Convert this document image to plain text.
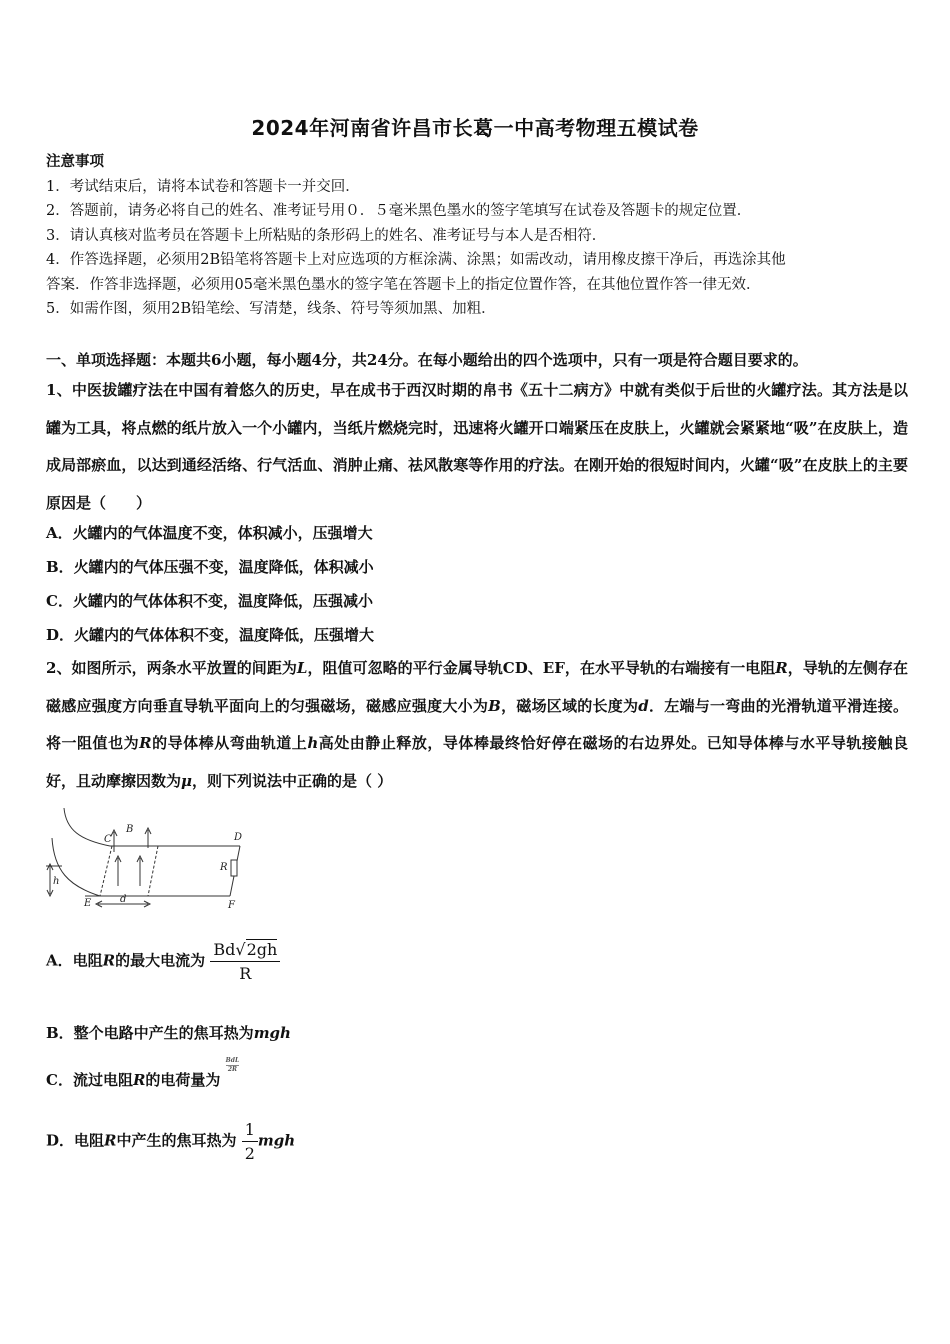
2024年河南省许昌市长葛一中高考物理五模试卷
注意事项
1．考试结束后，请将本试卷和答题卡一并交回．
2．答题前，请务必将自己的姓名、准考证号用０．５毫米黑色墨水的签字笔填写在试卷及答题卡的规定位置．
3．请认真核对监考员在答题卡上所粘贴的条形码上的姓名、准考证号与本人是否相符．
4．作答选择题，必须用2B铅笔将答题卡上对应选项的方框涂满、涂黑；如需改动，请用橡皮擦干净后，再选涂其他
答案．作答非选择题，必须用05毫米黑色墨水的签字笔在答题卡上的指定位置作答，在其他位置作答一律无效．
5．如需作图，须用2B铅笔绘、写清楚，线条、符号等须加黑、加粗．
一、单项选择题：本题共6小题，每小题4分，共24分。在每小题给出的四个选项中，只有一项是符合题目要求的。
1、中医拔罐疗法在中国有着悠久的历史，早在成书于西汉时期的帛书《五十二病方》中就有类似于后世的火罐疗法。其方法是以罐为工具，将点燃的纸片放入一个小罐内，当纸片燃烧完时，迅速将火罐开口端紧压在皮肤上，火罐就会紧紧地“吸”在皮肤上，造成局部瘀血，以达到通经活络、行气活血、消肿止痛、祛风散寒等作用的疗法。在刚开始的很短时间内，火罐“吸”在皮肤上的主要原因是（　　）
A．火罐内的气体温度不变，体积减小，压强增大
B．火罐内的气体压强不变，温度降低，体积减小
C．火罐内的气体体积不变，温度降低，压强减小
D．火罐内的气体体积不变，温度降低，压强增大
2、如图所示，两条水平放置的间距为L，阻值可忽略的平行金属导轨CD、EF，在水平导轨的右端接有一电阻R，导轨的左侧存在磁感应强度方向垂直导轨平面向上的匀强磁场，磁感应强度大小为B，磁场区域的长度为d．左端与一弯曲的光滑轨道平滑连接。将一阻值也为R的导体棒从弯曲轨道上h高处由静止释放，导体棒最终恰好停在磁场的右边界处。已知导体棒与水平导轨接触良好，且动摩擦因数为μ，则下列说法中正确的是（ ）
C
B
D
R
h
E	d
F
A．电阻R的最大电流为 $\frac{Bd√2gh}{R}$
B．整个电路中产生的焦耳热为mgh
C．流过电阻R的电荷量为
BdL
2R
D．电阻R中产生的焦耳热为 $\frac{1}{2}$ mgh
